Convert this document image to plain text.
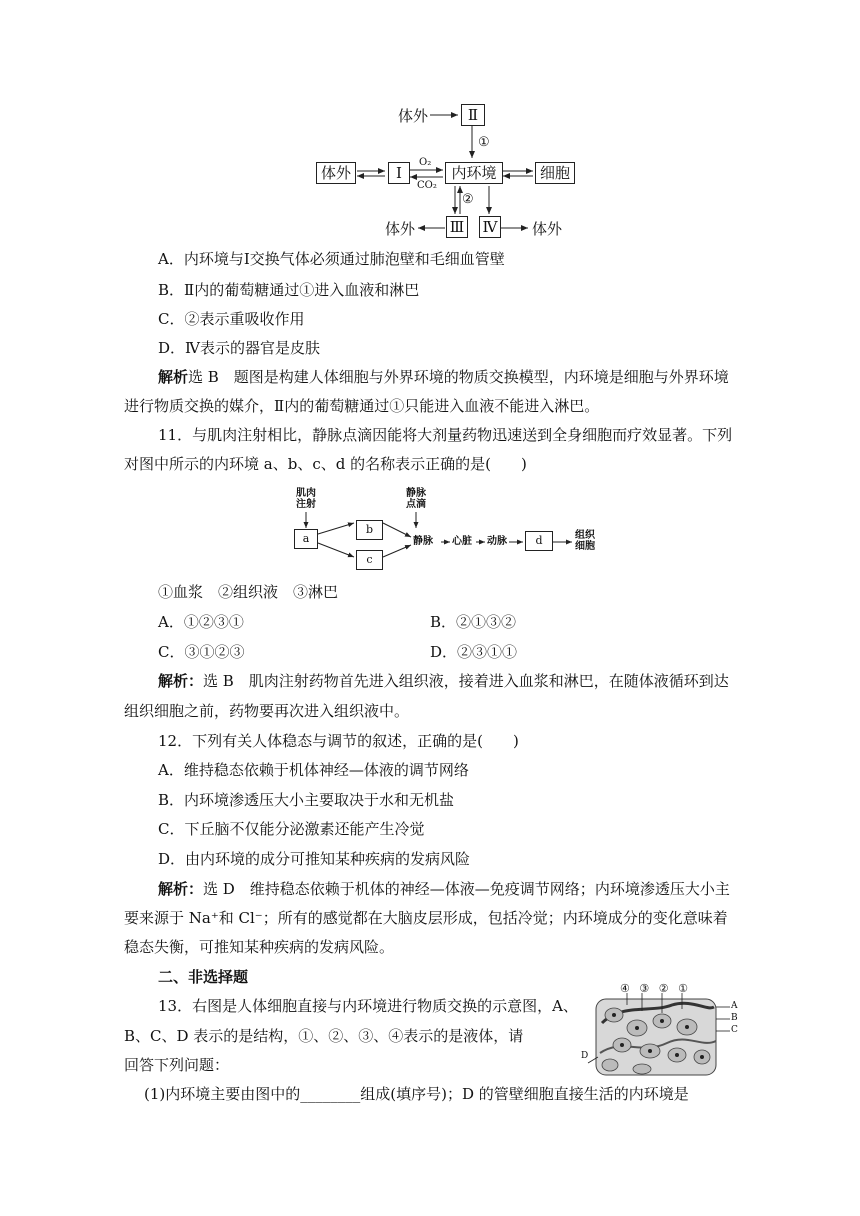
体外	Ⅱ
①
体外	Ⅰ
O₂
CO₂
内环境	细胞
②
体外 Ⅲ Ⅳ 体外
A．内环境与Ⅰ交换气体必须通过肺泡壁和毛细血管壁
B．Ⅱ内的葡萄糖通过①进入血液和淋巴
C．②表示重吸收作用
D．Ⅳ表示的器官是皮肤
解析选 B　题图是构建人体细胞与外界环境的物质交换模型，内环境是细胞与外界环境
进行物质交换的媒介，Ⅱ内的葡萄糖通过①只能进入血液不能进入淋巴。
11．与肌肉注射相比，静脉点滴因能将大剂量药物迅速送到全身细胞而疗效显著。下列
对图中所示的内环境 a、b、c、d 的名称表示正确的是(　　)
肌肉
注射
静脉
点滴
a
b
c
静脉 心脏 动脉	d	组织
细胞
①血浆　②组织液　③淋巴
A．①②③①	B．②①③②
C．③①②③	D．②③①①
解析：选 B　肌肉注射药物首先进入组织液，接着进入血浆和淋巴，在随体液循环到达
组织细胞之前，药物要再次进入组织液中。
12．下列有关人体稳态与调节的叙述，正确的是(　　)
A．维持稳态依赖于机体神经—体液的调节网络
B．内环境渗透压大小主要取决于水和无机盐
C．下丘脑不仅能分泌激素还能产生冷觉
D．由内环境的成分可推知某种疾病的发病风险
解析：选 D　维持稳态依赖于机体的神经—体液—免疫调节网络；内环境渗透压大小主
要来源于 Na⁺和 Cl⁻；所有的感觉都在大脑皮层形成，包括冷觉；内环境成分的变化意味着
稳态失衡，可推知某种疾病的发病风险。
二、非选择题
13．右图是人体细胞直接与内环境进行物质交换的示意图，A、
B、C、D 表示的是结构，①、②、③、④表示的是液体，请
回答下列问题：
(1)内环境主要由图中的________组成(填序号)；D 的管壁细胞直接生活的内环境是
④ ③ ② ①
A
B
C
D
